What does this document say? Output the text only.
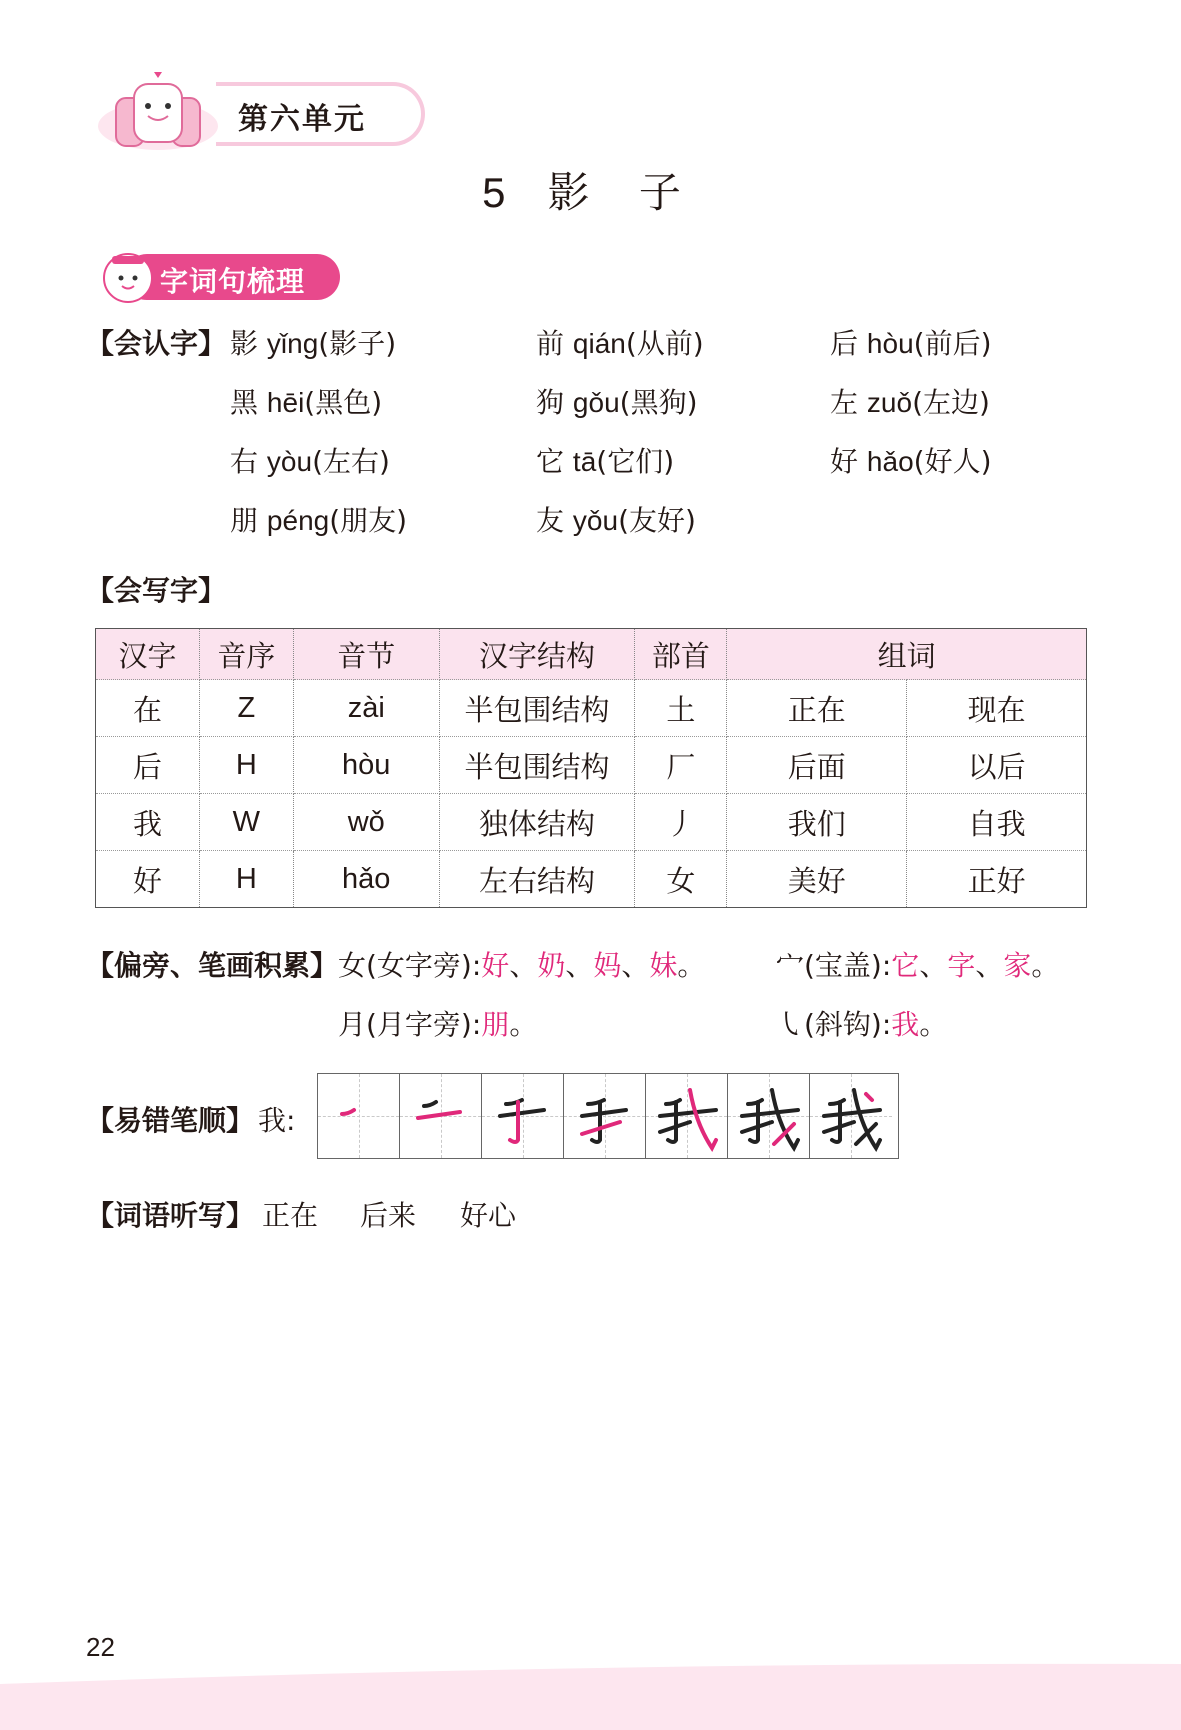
第六单元
5 影 子
字词句梳理
【会认字】 影 yǐng(影子)	前 qián(从前)	后 hòu(前后)
黑 hēi(黑色)	狗 gǒu(黑狗)	左 zuǒ(左边)
右 yòu(左右)	它 tā(它们)	好 hǎo(好人)
朋 péng(朋友)	友 yǒu(友好)
【会写字】
汉字	音序	音节	汉字结构	部首	组词	
在	Z	zài	半包围结构	土	正在	现在
后	H	hòu	半包围结构	厂	后面	以后
我	W	wǒ	独体结构	丿	我们	自我
好	H	hǎo	左右结构	女	美好	正好
【偏旁、笔画积累】 女(女字旁):好、奶、妈、妹。	宀(宝盖):它、字、家。
月(月字旁):朋。	㇂(斜钩):我。
【易错笔顺】 我:
【词语听写】 正在 后来 好心
22
